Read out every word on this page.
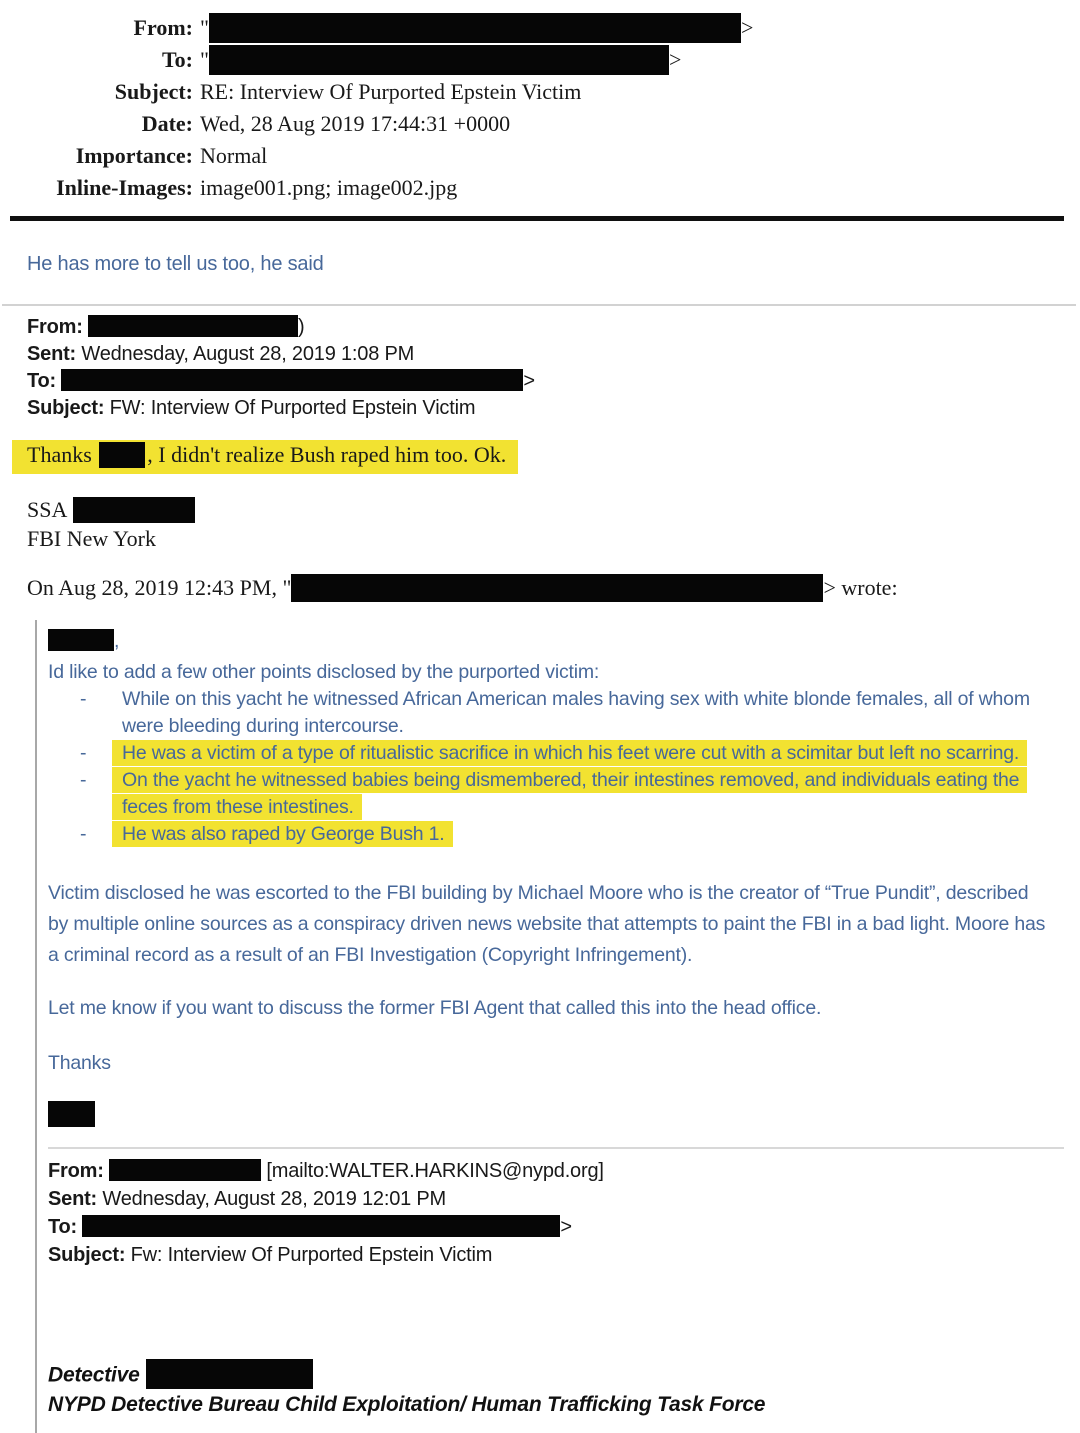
From: "	>
To: "	>
Subject: RE: Interview Of Purported Epstein Victim
Date: Wed, 28 Aug 2019 17:44:31 +0000
Importance: Normal
Inline-Images: image001.png; image002.jpg
He has more to tell us too, he said
From:	)
Sent: Wednesday, August 28, 2019 1:08 PM
To:	>
Subject: FW: Interview Of Purported Epstein Victim
Thanks	, I didn't realize Bush raped him too. Ok.
SSA
FBI New York
On Aug 28, 2019 12:43 PM, "	> wrote:
,
Id like to add a few other points disclosed by the purported victim:
-	While on this yacht he witnessed African American males having sex with white blonde females, all of whom
were bleeding during intercourse.
-	He was a victim of a type of ritualistic sacrifice in which his feet were cut with a scimitar but left no scarring.
-	On the yacht he witnessed babies being dismembered, their intestines removed, and individuals eating the
feces from these intestines.
-	He was also raped by George Bush 1.
Victim disclosed he was escorted to the FBI building by Michael Moore who is the creator of “True Pundit”, described
by multiple online sources as a conspiracy driven news website that attempts to paint the FBI in a bad light. Moore has
a criminal record as a result of an FBI Investigation (Copyright Infringement).
Let me know if you want to discuss the former FBI Agent that called this into the head office.
Thanks
From:	[mailto:WALTER.HARKINS@nypd.org]
Sent: Wednesday, August 28, 2019 12:01 PM
To:	>
Subject: Fw: Interview Of Purported Epstein Victim
Detective
NYPD Detective Bureau Child Exploitation/ Human Trafficking Task Force
